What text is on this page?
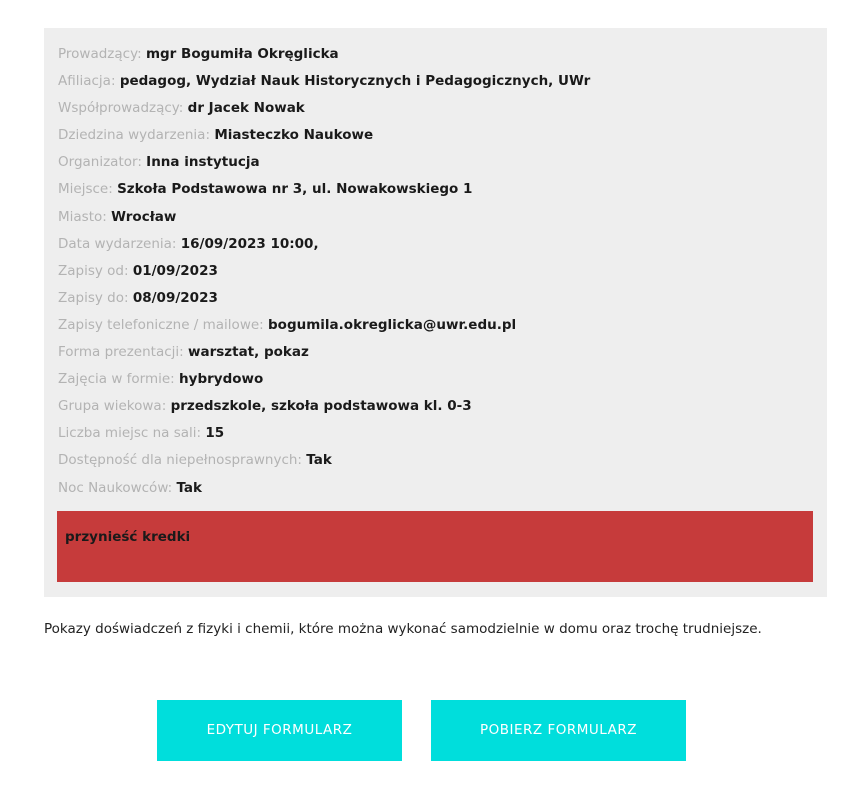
Prowadzący: mgr Bogumiła Okręglicka
Afiliacja: pedagog, Wydział Nauk Historycznych i Pedagogicznych, UWr
Współprowadzący: dr Jacek Nowak
Dziedzina wydarzenia: Miasteczko Naukowe
Organizator: Inna instytucja
Miejsce: Szkoła Podstawowa nr 3, ul. Nowakowskiego 1
Miasto: Wrocław
Data wydarzenia: 16/09/2023 10:00,
Zapisy od: 01/09/2023
Zapisy do: 08/09/2023
Zapisy telefoniczne / mailowe: bogumila.okreglicka@uwr.edu.pl
Forma prezentacji: warsztat, pokaz
Zajęcia w formie: hybrydowo
Grupa wiekowa: przedszkole, szkoła podstawowa kl. 0-3
Liczba miejsc na sali: 15
Dostępność dla niepełnosprawnych: Tak
Noc Naukowców: Tak
przynieść kredki

Pokazy doświadczeń z fizyki i chemii, które można wykonać samodzielnie w domu oraz trochę trudniejsze.

EDYTUJ FORMULARZ	POBIERZ FORMULARZ
